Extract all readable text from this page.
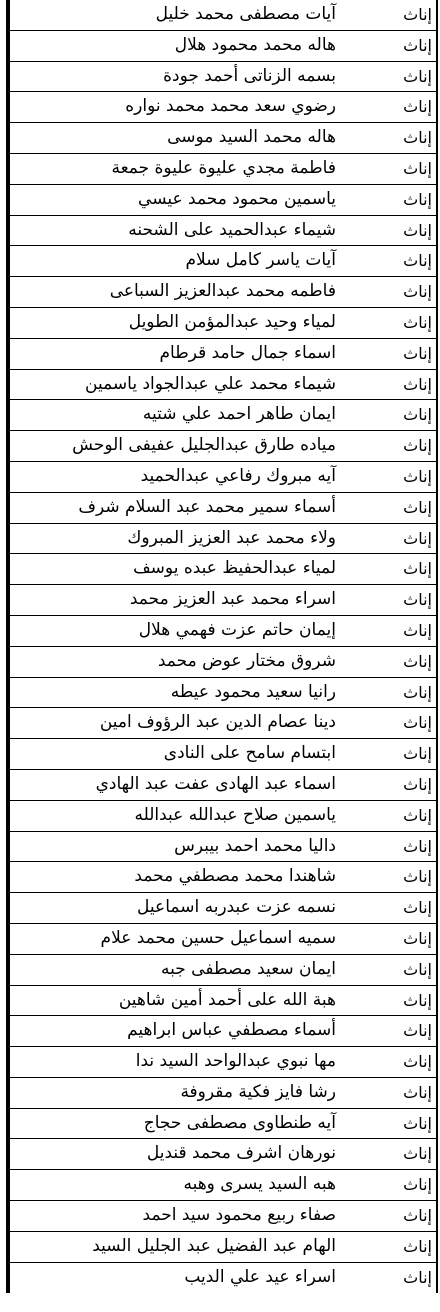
آيات مصطفى محمد خليل	إناث
هاله محمد محمود هلال	إناث
بسمه الزناتى أحمد جودة	إناث
رضوي سعد محمد محمد نواره	إناث
هاله محمد السيد موسى	إناث
فاطمة مجدي عليوة عليوة جمعة	إناث
ياسمين محمود محمد عيسي	إناث
شيماء عبدالحميد على الشحنه	إناث
آيات ياسر كامل سلام	إناث
فاطمه محمد عبدالعزيز السباعى	إناث
لمياء وحيد عبدالمؤمن الطويل	إناث
اسماء جمال حامد قرطام	إناث
شيماء محمد علي عبدالجواد ياسمين	إناث
ايمان طاهر احمد علي شتيه	إناث
مياده طارق عبدالجليل عفيفى الوحش	إناث
آيه مبروك رفاعي عبدالحميد	إناث
أسماء سمير محمد عبد السلام شرف	إناث
ولاء محمد عبد العزيز المبروك	إناث
لمياء عبدالحفيظ عبده يوسف	إناث
اسراء محمد عبد العزيز محمد	إناث
إيمان حاتم عزت فهمي هلال	إناث
شروق مختار عوض محمد	إناث
رانيا سعيد محمود عيطه	إناث
دينا عصام الدين عبد الرؤوف امين	إناث
ابتسام سامح على النادى	إناث
اسماء عبد الهادى عفت عبد الهادي	إناث
ياسمين صلاح عبدالله عبدالله	إناث
داليا محمد احمد بيبرس	إناث
شاهندا محمد مصطفي محمد	إناث
نسمه عزت عبدربه اسماعيل	إناث
سميه اسماعيل حسين محمد علام	إناث
ايمان سعيد مصطفى جبه	إناث
هبة الله على أحمد أمين شاهين	إناث
أسماء مصطفي عباس ابراهيم	إناث
مها نبوي عبدالواحد السيد ندا	إناث
رشا فايز فكية مقروفة	إناث
آيه طنطاوى مصطفى حجاج	إناث
نورهان اشرف محمد قنديل	إناث
هبه السيد يسرى وهبه	إناث
صفاء ربيع محمود سيد احمد	إناث
الهام عبد الفضيل عبد الجليل السيد	إناث
اسراء عيد علي الديب	إناث
